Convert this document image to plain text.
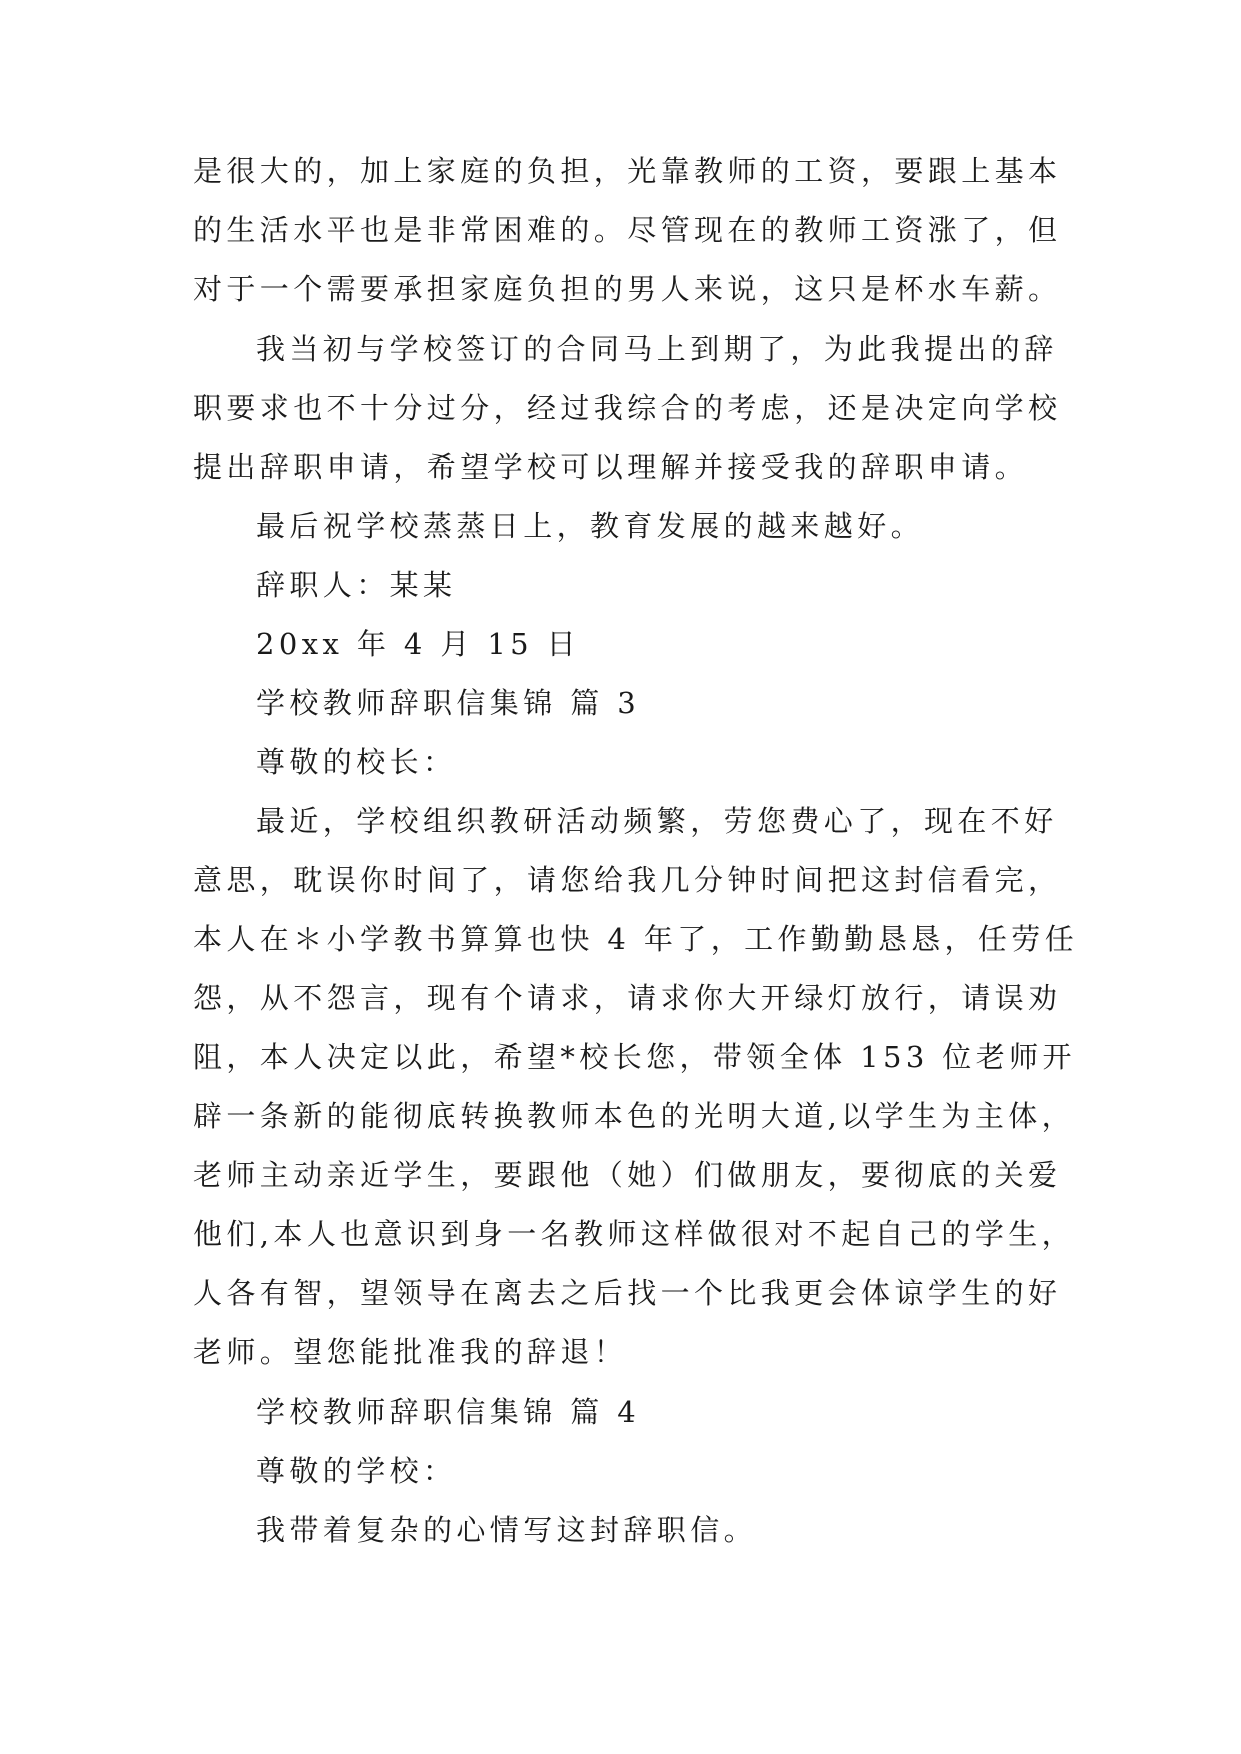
是很大的，加上家庭的负担，光靠教师的工资，要跟上基本
的生活水平也是非常困难的。尽管现在的教师工资涨了，但
对于一个需要承担家庭负担的男人来说，这只是杯水车薪。
我当初与学校签订的合同马上到期了，为此我提出的辞
职要求也不十分过分，经过我综合的考虑，还是决定向学校
提出辞职申请，希望学校可以理解并接受我的辞职申请。
最后祝学校蒸蒸日上，教育发展的越来越好。
辞职人：某某
20xx 年 4 月 15 日
学校教师辞职信集锦 篇 3
尊敬的校长：
最近，学校组织教研活动频繁，劳您费心了，现在不好
意思，耽误你时间了，请您给我几分钟时间把这封信看完，
本人在＊小学教书算算也快 4 年了，工作勤勤恳恳，任劳任
怨，从不怨言，现有个请求，请求你大开绿灯放行，请误劝
阻，本人决定以此，希望*校长您，带领全体 153 位老师开
辟一条新的能彻底转换教师本色的光明大道,以学生为主体，
老师主动亲近学生，要跟他（她）们做朋友，要彻底的关爱
他们,本人也意识到身一名教师这样做很对不起自己的学生，
人各有智，望领导在离去之后找一个比我更会体谅学生的好
老师。望您能批准我的辞退！
学校教师辞职信集锦 篇 4
尊敬的学校：
我带着复杂的心情写这封辞职信。
